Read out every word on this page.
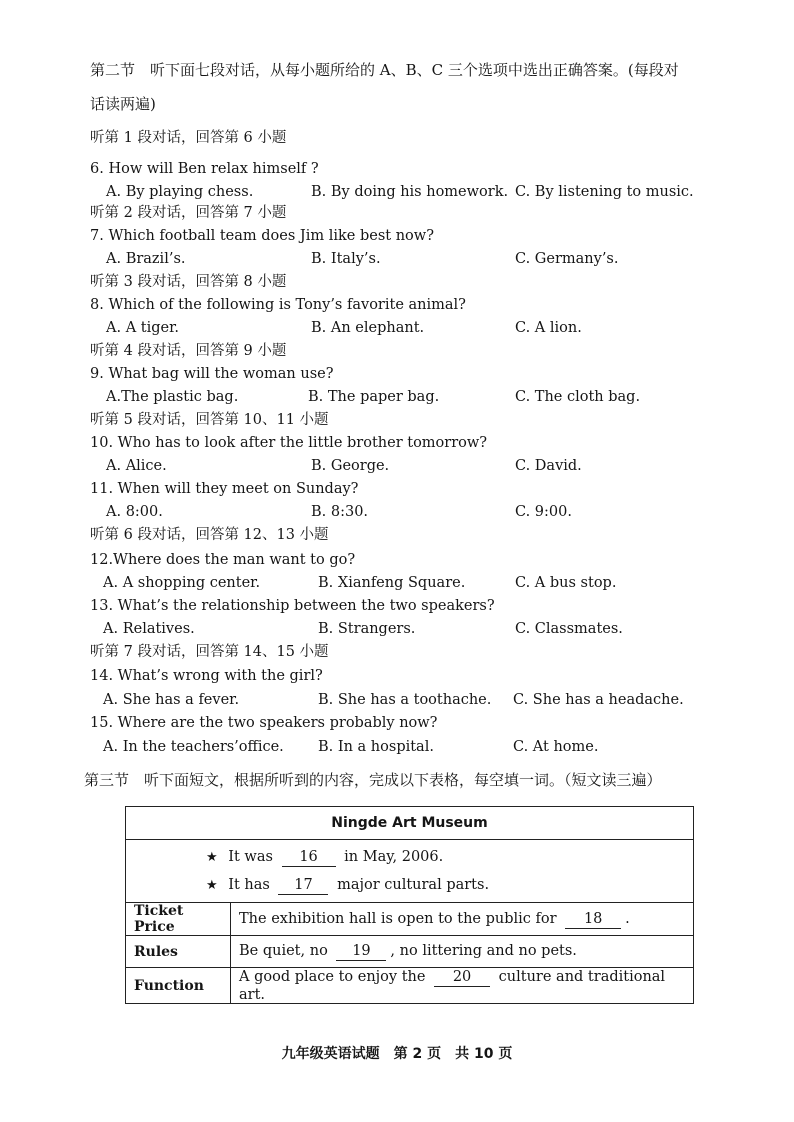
第二节　听下面七段对话，从每小题所给的 A、B、C 三个选项中选出正确答案。(每段对
话读两遍)
听第 1 段对话，回答第 6 小题
6. How will Ben relax himself ?
A. By playing chess.	B. By doing his homework. C. By listening to music.
听第 2 段对话，回答第 7 小题
7. Which football team does Jim like best now?
A. Brazil’s.	B. Italy’s.	C. Germany’s.
听第 3 段对话，回答第 8 小题
8. Which of the following is Tony’s favorite animal?
A. A tiger.	B. An elephant.	C. A lion.
听第 4 段对话，回答第 9 小题
9. What bag will the woman use?
A.The plastic bag.	B. The paper bag.	C. The cloth bag.
听第 5 段对话，回答第 10、11 小题
10. Who has to look after the little brother tomorrow?
A. Alice.	B. George.	C. David.
11. When will they meet on Sunday?
A. 8:00.	B. 8:30.	C. 9:00.
听第 6 段对话，回答第 12、13 小题
12.Where does the man want to go?
A. A shopping center.	B. Xianfeng Square.	C. A bus stop.
13. What’s the relationship between the two speakers?
A. Relatives.	B. Strangers.	C. Classmates.
听第 7 段对话，回答第 14、15 小题
14. What’s wrong with the girl?
A. She has a fever.	B. She has a toothache. C. She has a headache.
15. Where are the two speakers probably now?
A. In the teachers’office. B. In a hospital.	C. At home.
第三节　听下面短文，根据所听到的内容，完成以下表格，每空填一词。（短文读三遍）
Ningde Art Museum	

★ It was 16 in May, 2006.
★ It has 17 major cultural parts.	

Ticket Price	The exhibition hall is open to the public for 18 .
Rules	Be quiet, no 19 , no littering and no pets.
Function	A good place to enjoy the 20 culture and traditional art.
九年级英语试题　第 2 页　共 10 页
